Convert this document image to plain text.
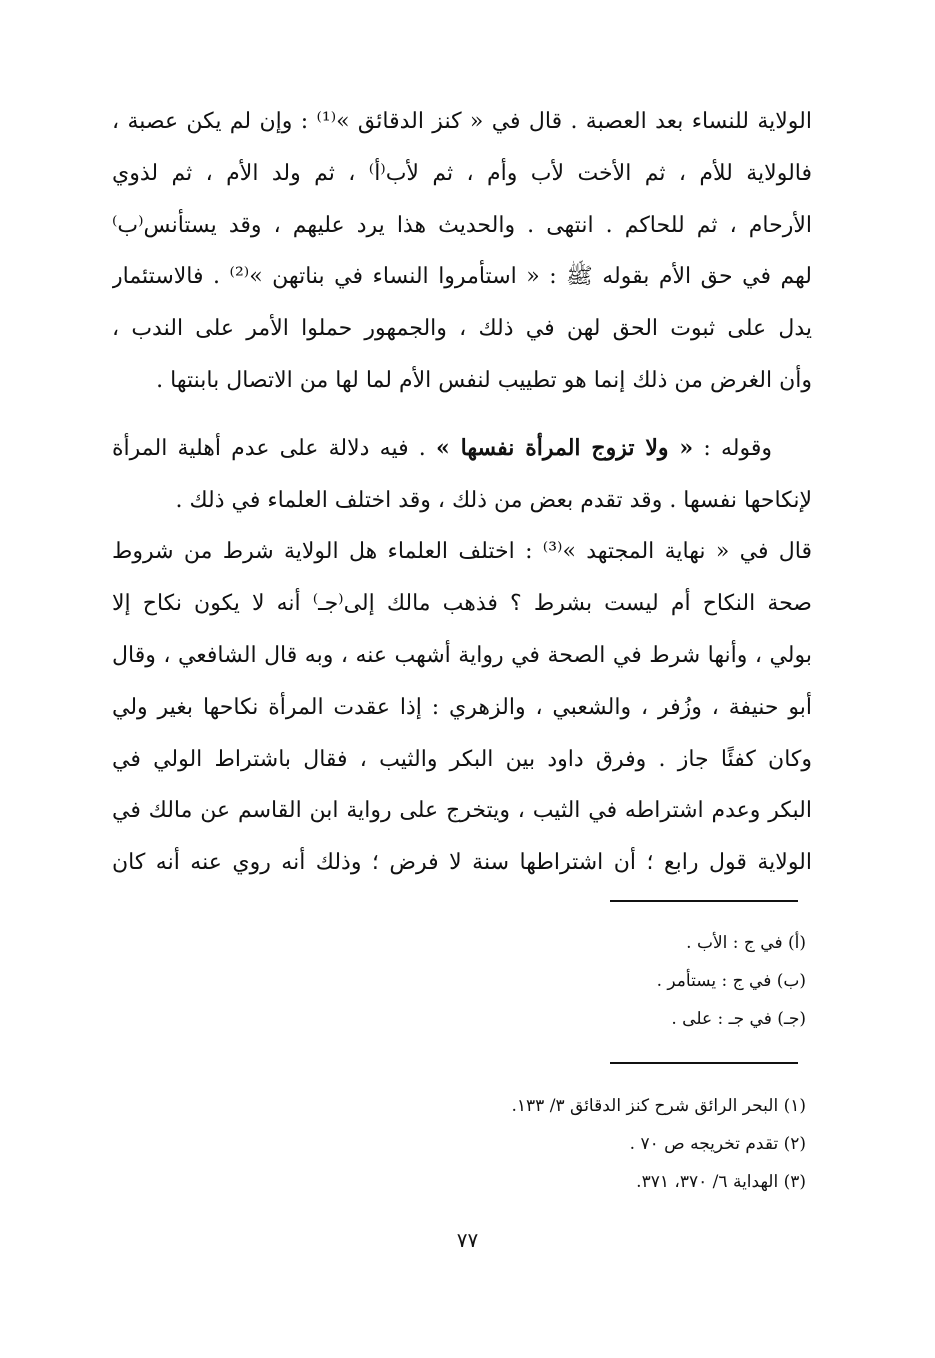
الولاية للنساء بعد العصبة . قال في « كنز الدقائق »⁽¹⁾ : وإن لم يكن عصبة ،
فالولاية للأم ، ثم الأخت لأب وأم ، ثم لأب⁽أ⁾ ، ثم ولد الأم ، ثم لذوي
الأرحام ، ثم للحاكم . انتهى . والحديث هذا يرد عليهم ، وقد يستأنس⁽ب⁾
لهم في حق الأم بقوله ﷺ : « استأمروا النساء في بناتهن »⁽²⁾ . فالاستئمار
يدل على ثبوت الحق لهن في ذلك ، والجمهور حملوا الأمر على الندب ،
وأن الغرض من ذلك إنما هو تطييب لنفس الأم لما لها من الاتصال بابنتها .
وقوله : « ولا تزوج المرأة نفسها » . فيه دلالة على عدم أهلية المرأة
لإنكاحها نفسها . وقد تقدم بعض من ذلك ، وقد اختلف العلماء في ذلك .
قال في « نهاية المجتهد »⁽³⁾ : اختلف العلماء هل الولاية شرط من شروط
صحة النكاح أم ليست بشرط ؟ فذهب مالك إلى⁽جـ⁾ أنه لا يكون نكاح إلا
بولي ، وأنها شرط في الصحة في رواية أشهب عنه ، وبه قال الشافعي ، وقال
أبو حنيفة ، وزُفر ، والشعبي ، والزهري : إذا عقدت المرأة نكاحها بغير ولي
وكان كفئًا جاز . وفرق داود بين البكر والثيب ، فقال باشتراط الولي في
البكر وعدم اشتراطه في الثيب ، ويتخرج على رواية ابن القاسم عن مالك في
الولاية قول رابع ؛ أن اشتراطها سنة لا فرض ؛ وذلك أنه روي عنه أنه كان
(أ) في ج : الأب .
(ب) في ج : يستأمر .
(جـ) في جـ : على .
(١) البحر الرائق شرح كنز الدقائق ٣/ ١٣٣.
(٢) تقدم تخريجه ص ٧٠ .
(٣) الهداية ٦/ ٣٧٠، ٣٧١.
٧٧
